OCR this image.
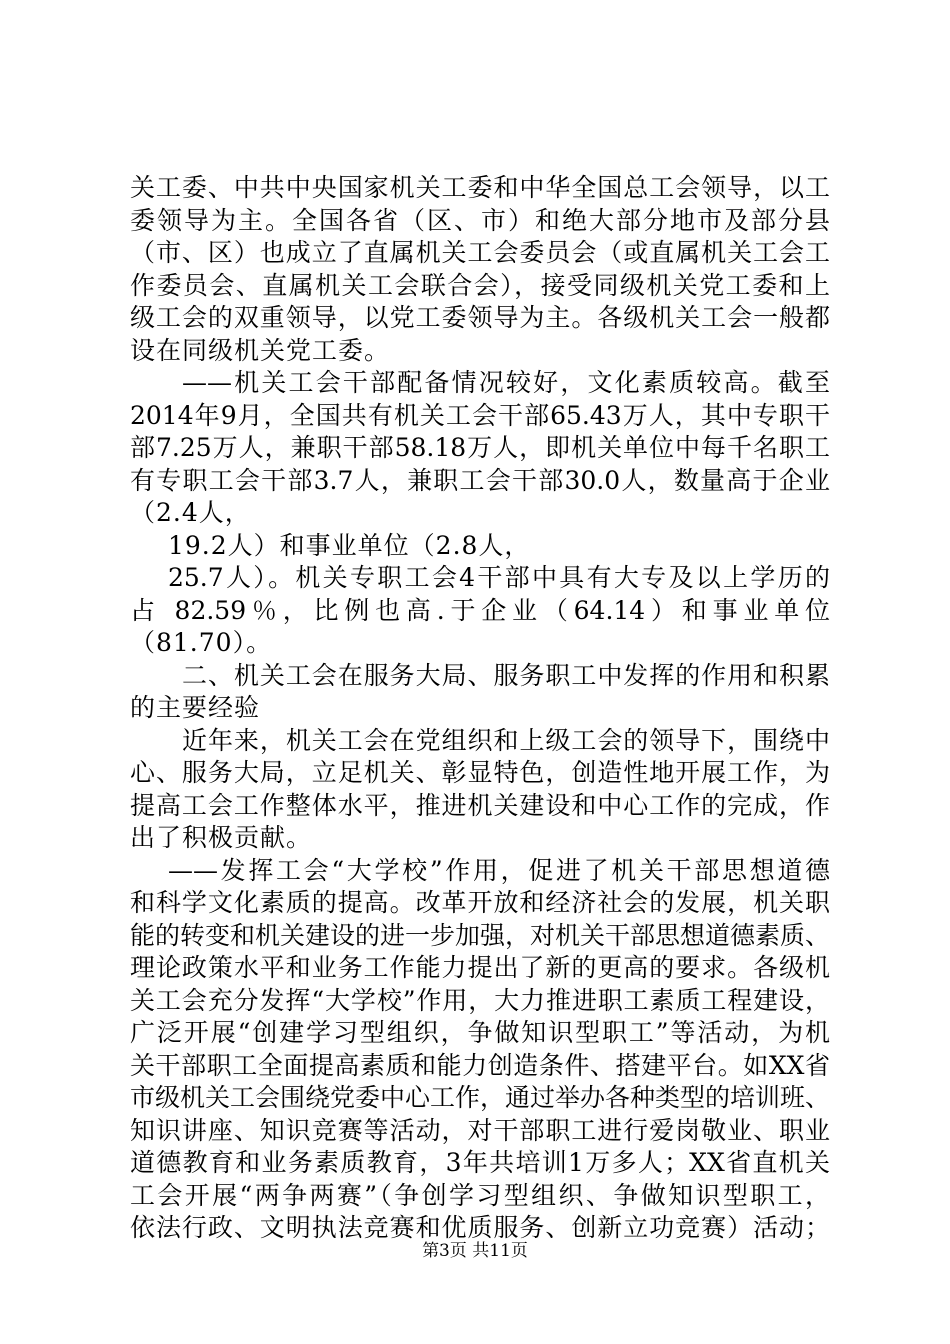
关工委、中共中央国家机关工委和中华全国总工会领导，以工
委领导为主。全国各省（区、市）和绝大部分地市及部分县
（市、区）也成立了直属机关工会委员会（或直属机关工会工
作委员会、直属机关工会联合会），接受同级机关党工委和上
级工会的双重领导，以党工委领导为主。各级机关工会一般都
设在同级机关党工委。
——机关工会干部配备情况较好，文化素质较高。截至
2014年9月，全国共有机关工会干部65.43万人，其中专职干
部7.25万人，兼职干部58.18万人，即机关单位中每千名职工
有专职工会干部3.7人，兼职工会干部30.0人，数量高于企业
（2.4人，
19.2人）和事业单位（2.8人，
25.7人）。机关专职工会4干部中具有大专及以上学历的
占 82.59％，比例也高.于企业（64.14）和事业单位
（81.70）。
二、机关工会在服务大局、服务职工中发挥的作用和积累
的主要经验
近年来，机关工会在党组织和上级工会的领导下，围绕中
心、服务大局，立足机关、彰显特色，创造性地开展工作，为
提高工会工作整体水平，推进机关建设和中心工作的完成，作
出了积极贡献。
——发挥工会“大学校”作用，促进了机关干部思想道德
和科学文化素质的提高。改革开放和经济社会的发展，机关职
能的转变和机关建设的进一步加强，对机关干部思想道德素质、
理论政策水平和业务工作能力提出了新的更高的要求。各级机
关工会充分发挥“大学校”作用，大力推进职工素质工程建设，
广泛开展“创建学习型组织，争做知识型职工”等活动，为机
关干部职工全面提高素质和能力创造条件、搭建平台。如XX省
市级机关工会围绕党委中心工作，通过举办各种类型的培训班、
知识讲座、知识竞赛等活动，对干部职工进行爱岗敬业、职业
道德教育和业务素质教育，3年共培训1万多人；XX省直机关
工会开展“两争两赛”（争创学习型组织、争做知识型职工，
依法行政、文明执法竞赛和优质服务、创新立功竞赛）活动；
第3页 共11页
